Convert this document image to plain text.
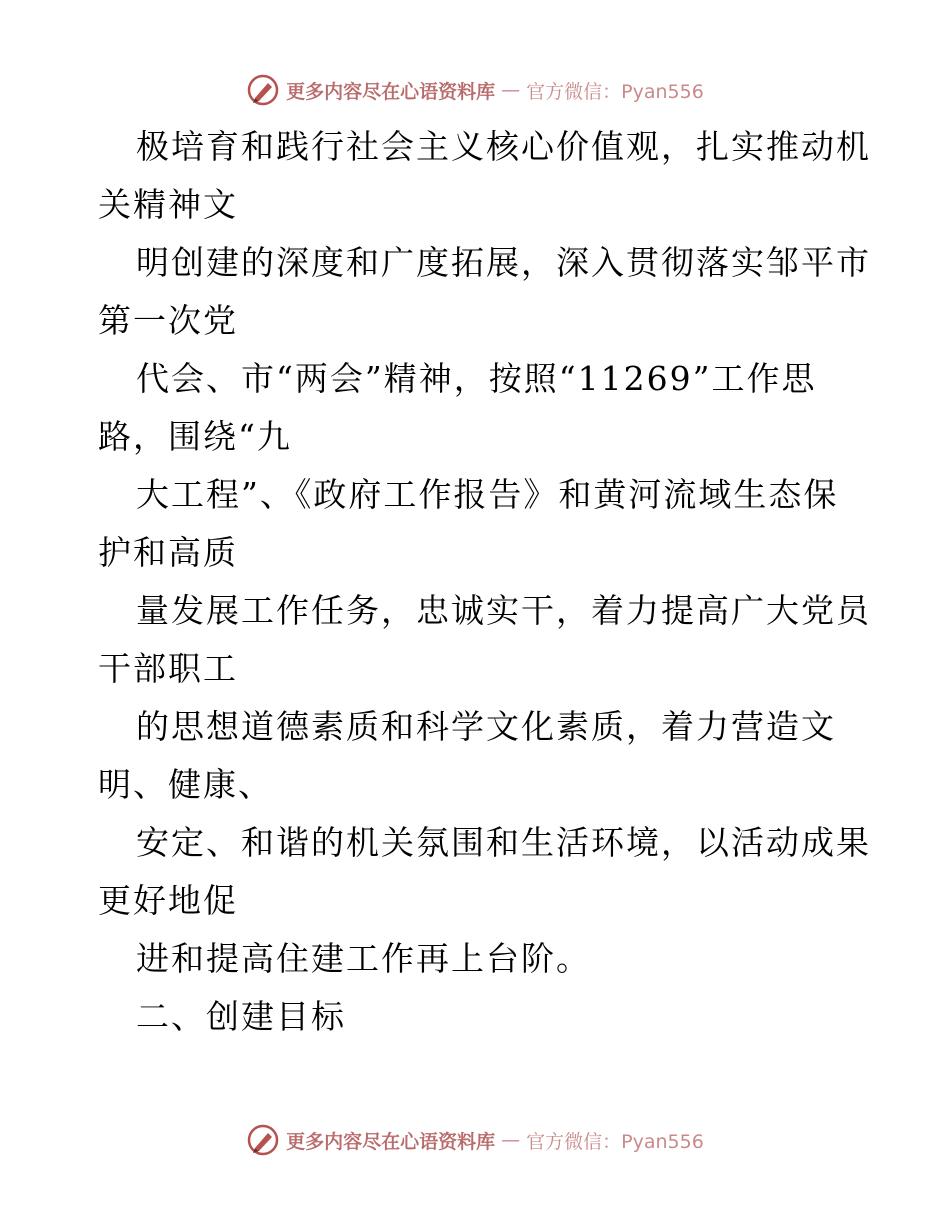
更多内容尽在心语资料库 — 官方微信：Pyan556
极培育和践行社会主义核心价值观，扎实推动机
关精神文
明创建的深度和广度拓展，深入贯彻落实邹平市
第一次党
代会、市“两会”精神，按照“11269”工作思
路，围绕“九
大工程”、《政府工作报告》和黄河流域生态保
护和高质
量发展工作任务，忠诚实干，着力提高广大党员
干部职工
的思想道德素质和科学文化素质，着力营造文
明、健康、
安定、和谐的机关氛围和生活环境，以活动成果
更好地促
进和提高住建工作再上台阶。
二、创建目标
更多内容尽在心语资料库 — 官方微信：Pyan556
